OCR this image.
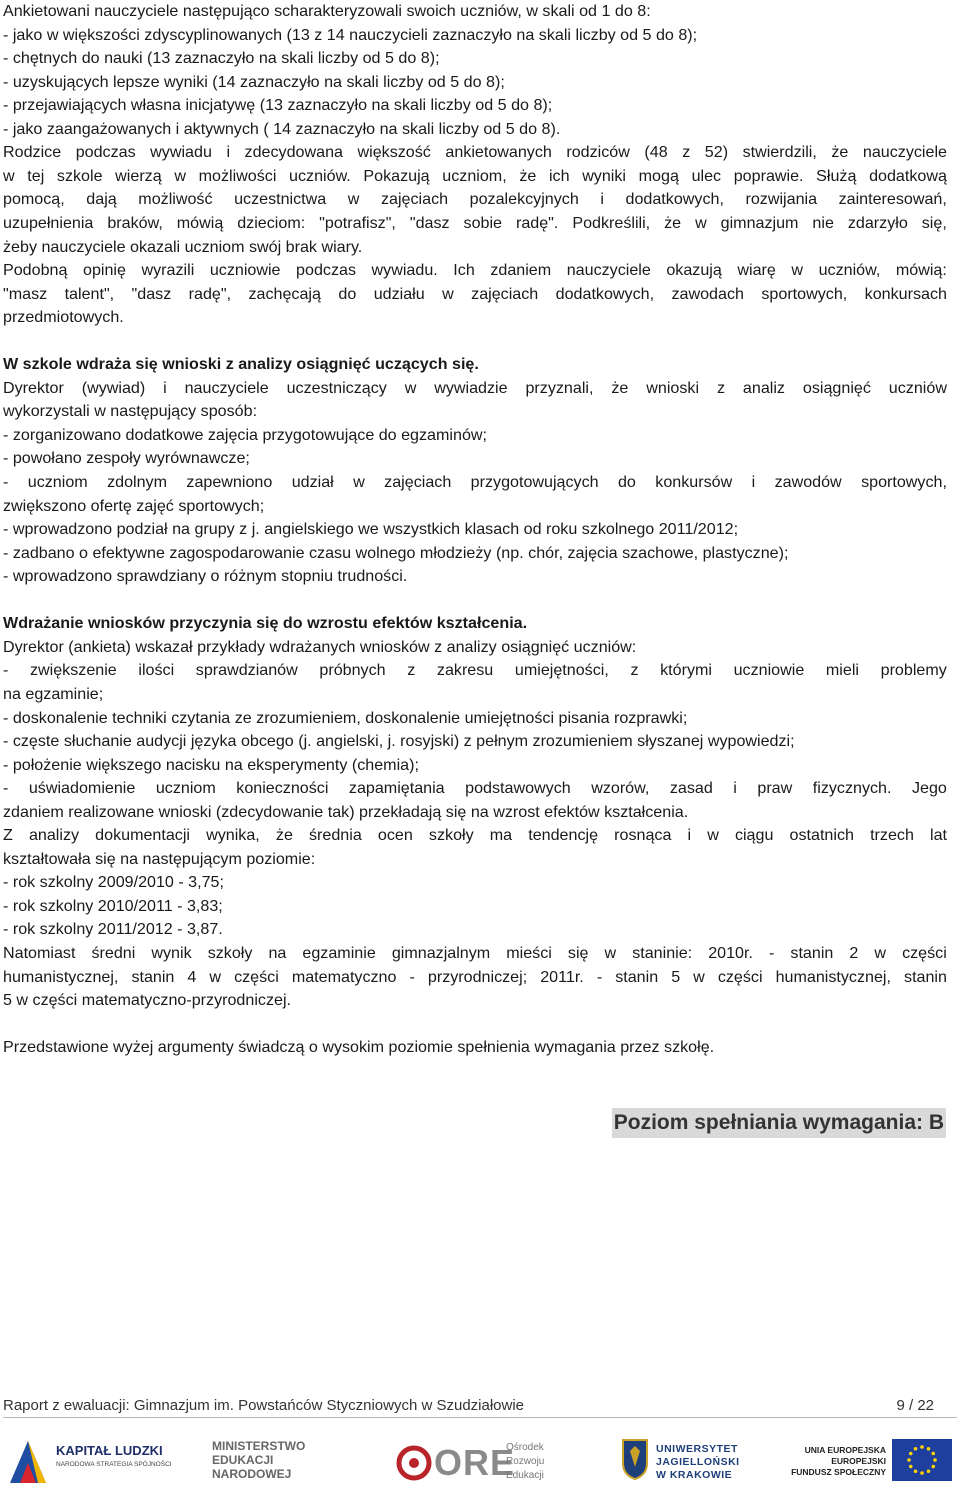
Ankietowani nauczyciele następująco scharakteryzowali swoich uczniów, w skali od 1 do 8:
- jako w większości zdyscyplinowanych (13 z 14 nauczycieli zaznaczyło na skali liczby od 5 do 8);
- chętnych do nauki (13 zaznaczyło na skali liczby od 5 do 8);
- uzyskujących lepsze wyniki (14 zaznaczyło na skali liczby od 5 do 8);
- przejawiających własna inicjatywę (13 zaznaczyło na skali liczby od 5 do 8);
- jako zaangażowanych i aktywnych ( 14 zaznaczyło na skali liczby od 5 do 8).
Rodzice podczas wywiadu i zdecydowana większość ankietowanych rodziców (48 z 52) stwierdzili, że nauczyciele
w tej szkole wierzą w możliwości uczniów. Pokazują uczniom, że ich wyniki mogą ulec poprawie. Służą dodatkową
pomocą, dają możliwość uczestnictwa w zajęciach pozalekcyjnych i dodatkowych, rozwijania zainteresowań,
uzupełnienia braków, mówią dzieciom: "potrafisz", "dasz sobie radę". Podkreślili, że w gimnazjum nie zdarzyło się,
żeby nauczyciele okazali uczniom swój brak wiary.
Podobną opinię wyrazili uczniowie podczas wywiadu. Ich zdaniem nauczyciele okazują wiarę w uczniów, mówią:
"masz talent", "dasz radę", zachęcają do udziału w zajęciach dodatkowych, zawodach sportowych, konkursach
przedmiotowych.
W szkole wdraża się wnioski z analizy osiągnięć uczących się.
Dyrektor (wywiad) i nauczyciele uczestniczący w wywiadzie przyznali, że wnioski z analiz osiągnięć uczniów
wykorzystali w następujący sposób:
- zorganizowano dodatkowe zajęcia przygotowujące do egzaminów;
- powołano zespoły wyrównawcze;
- uczniom zdolnym zapewniono udział w zajęciach przygotowujących do konkursów i zawodów sportowych,
zwiększono ofertę zajęć sportowych;
- wprowadzono podział na grupy z j. angielskiego we wszystkich klasach od roku szkolnego 2011/2012;
- zadbano o efektywne zagospodarowanie czasu wolnego młodzieży (np. chór, zajęcia szachowe, plastyczne);
- wprowadzono sprawdziany o różnym stopniu trudności.
Wdrażanie wniosków przyczynia się do wzrostu efektów kształcenia.
Dyrektor (ankieta) wskazał przykłady wdrażanych wniosków z analizy osiągnięć uczniów:
- zwiększenie ilości sprawdzianów próbnych z zakresu umiejętności, z którymi uczniowie mieli problemy
na egzaminie;
- doskonalenie techniki czytania ze zrozumieniem, doskonalenie umiejętności pisania rozprawki;
- częste słuchanie audycji języka obcego (j. angielski, j. rosyjski) z pełnym zrozumieniem słyszanej wypowiedzi;
- położenie większego nacisku na eksperymenty (chemia);
- uświadomienie uczniom konieczności zapamiętania podstawowych wzorów, zasad i praw fizycznych. Jego
zdaniem realizowane wnioski (zdecydowanie tak) przekładają się na wzrost efektów kształcenia.
Z analizy dokumentacji wynika, że średnia ocen szkoły ma tendencję rosnąca i w ciągu ostatnich trzech lat
kształtowała się na następującym poziomie:
- rok szkolny 2009/2010 - 3,75;
- rok szkolny 2010/2011 - 3,83;
- rok szkolny 2011/2012 - 3,87.
Natomiast średni wynik szkoły na egzaminie gimnazjalnym mieści się w staninie: 2010r. - stanin 2 w części
humanistycznej, stanin 4 w części matematyczno - przyrodniczej; 2011r. - stanin 5 w części humanistycznej, stanin
5 w części matematyczno-przyrodniczej.
Przedstawione wyżej argumenty świadczą o wysokim poziomie spełnienia wymagania przez szkołę.
Poziom spełniania wymagania: B
Raport z ewaluacji: Gimnazjum im. Powstańców Styczniowych w Szudziałowie	9 / 22
KAPITAŁ LUDZKI
NARODOWA STRATEGIA SPÓJNOŚCI
MINISTERSTWO
EDUKACJI
NARODOWEJ	ORE
Ośrodek
Rozwoju
Edukacji
UNIWERSYTET
JAGIELLOŃSKI
W KRAKOWIE
UNIA EUROPEJSKA
EUROPEJSKI
FUNDUSZ SPOŁECZNY
